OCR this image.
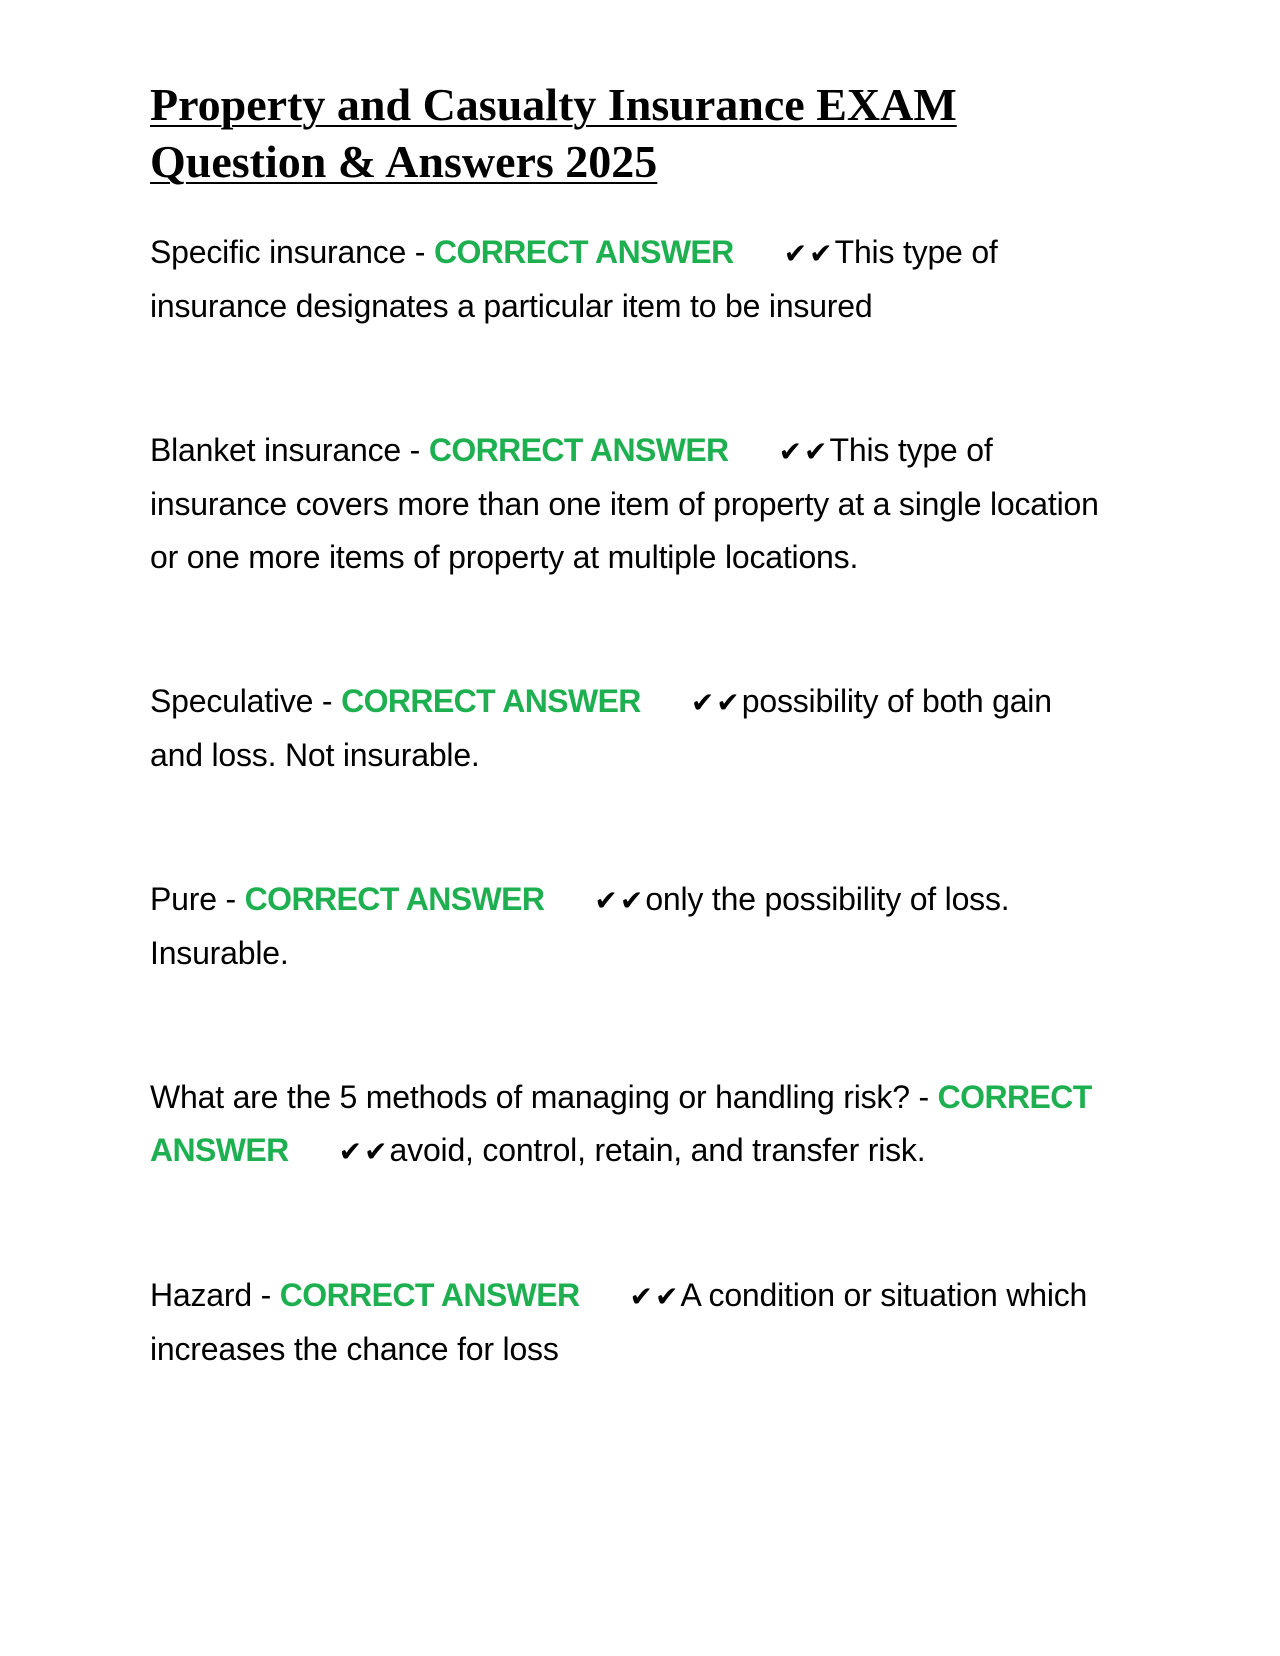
Property and Casualty Insurance EXAM Question & Answers 2025
Specific insurance - CORRECT ANSWER ✔✔This type of insurance designates a particular item to be insured
Blanket insurance - CORRECT ANSWER ✔✔This type of insurance covers more than one item of property at a single location or one more items of property at multiple locations.
Speculative - CORRECT ANSWER ✔✔possibility of both gain and loss. Not insurable.
Pure - CORRECT ANSWER ✔✔only the possibility of loss. Insurable.
What are the 5 methods of managing or handling risk? - CORRECT ANSWER ✔✔avoid, control, retain, and transfer risk.
Hazard - CORRECT ANSWER ✔✔A condition or situation which increases the chance for loss
